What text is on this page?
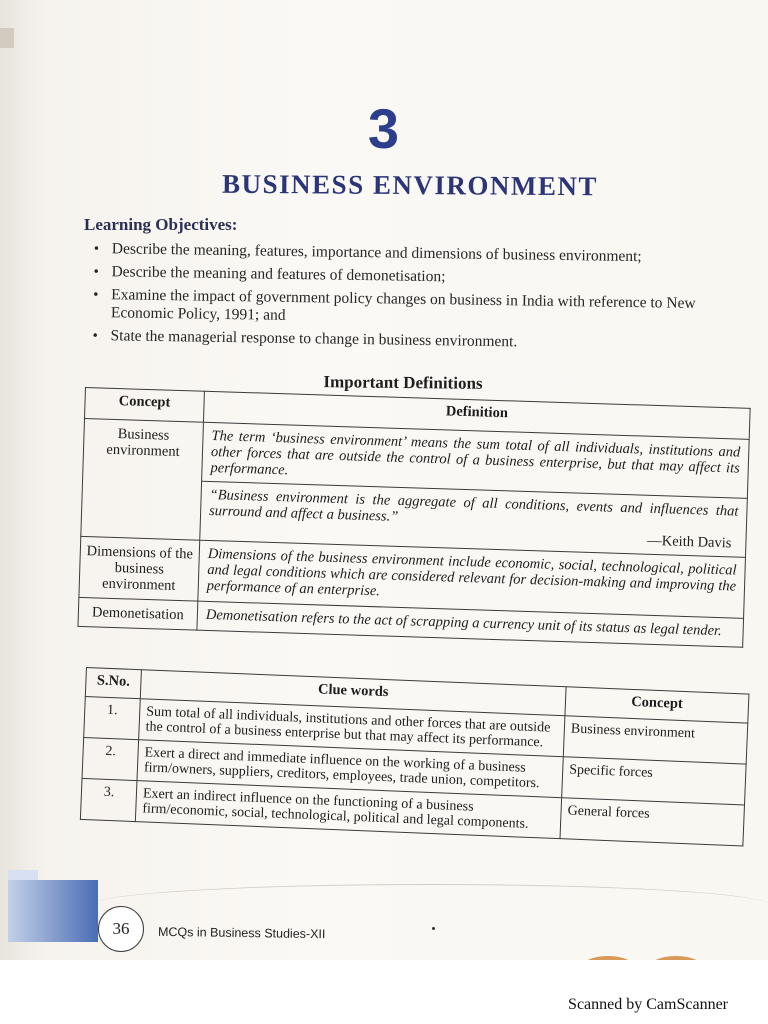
3
BUSINESS ENVIRONMENT
Learning Objectives:
• Describe the meaning, features, importance and dimensions of business environment;
• Describe the meaning and features of demonetisation;
• Examine the impact of government policy changes on business in India with reference to New Economic Policy, 1991; and
• State the managerial response to change in business environment.
Important Definitions
Concept	Definition
Business environment	The term ‘business environment’ means the sum total of all individuals, institutions and other forces that are outside the control of a business enterprise, but that may affect its performance.

	“Business environment is the aggregate of all conditions, events and influences that surround and affect a business.”
—Keith Davis

Dimensions of the business environment	Dimensions of the business environment include economic, social, technological, political and legal conditions which are considered relevant for decision-making and improving the performance of an enterprise.
Demonetisation	Demonetisation refers to the act of scrapping a currency unit of its status as legal tender.
S.No.	Clue words	Concept
1.	Sum total of all individuals, institutions and other forces that are outside the control of a business enterprise but that may affect its performance.	Business environment
2.	Exert a direct and immediate influence on the working of a business firm/owners, suppliers, creditors, employees, trade union, competitors.	Specific forces
3.	Exert an indirect influence on the functioning of a business firm/economic, social, technological, political and legal components.	General forces
36 MCQs in Business Studies-XII
Scanned by CamScanner
